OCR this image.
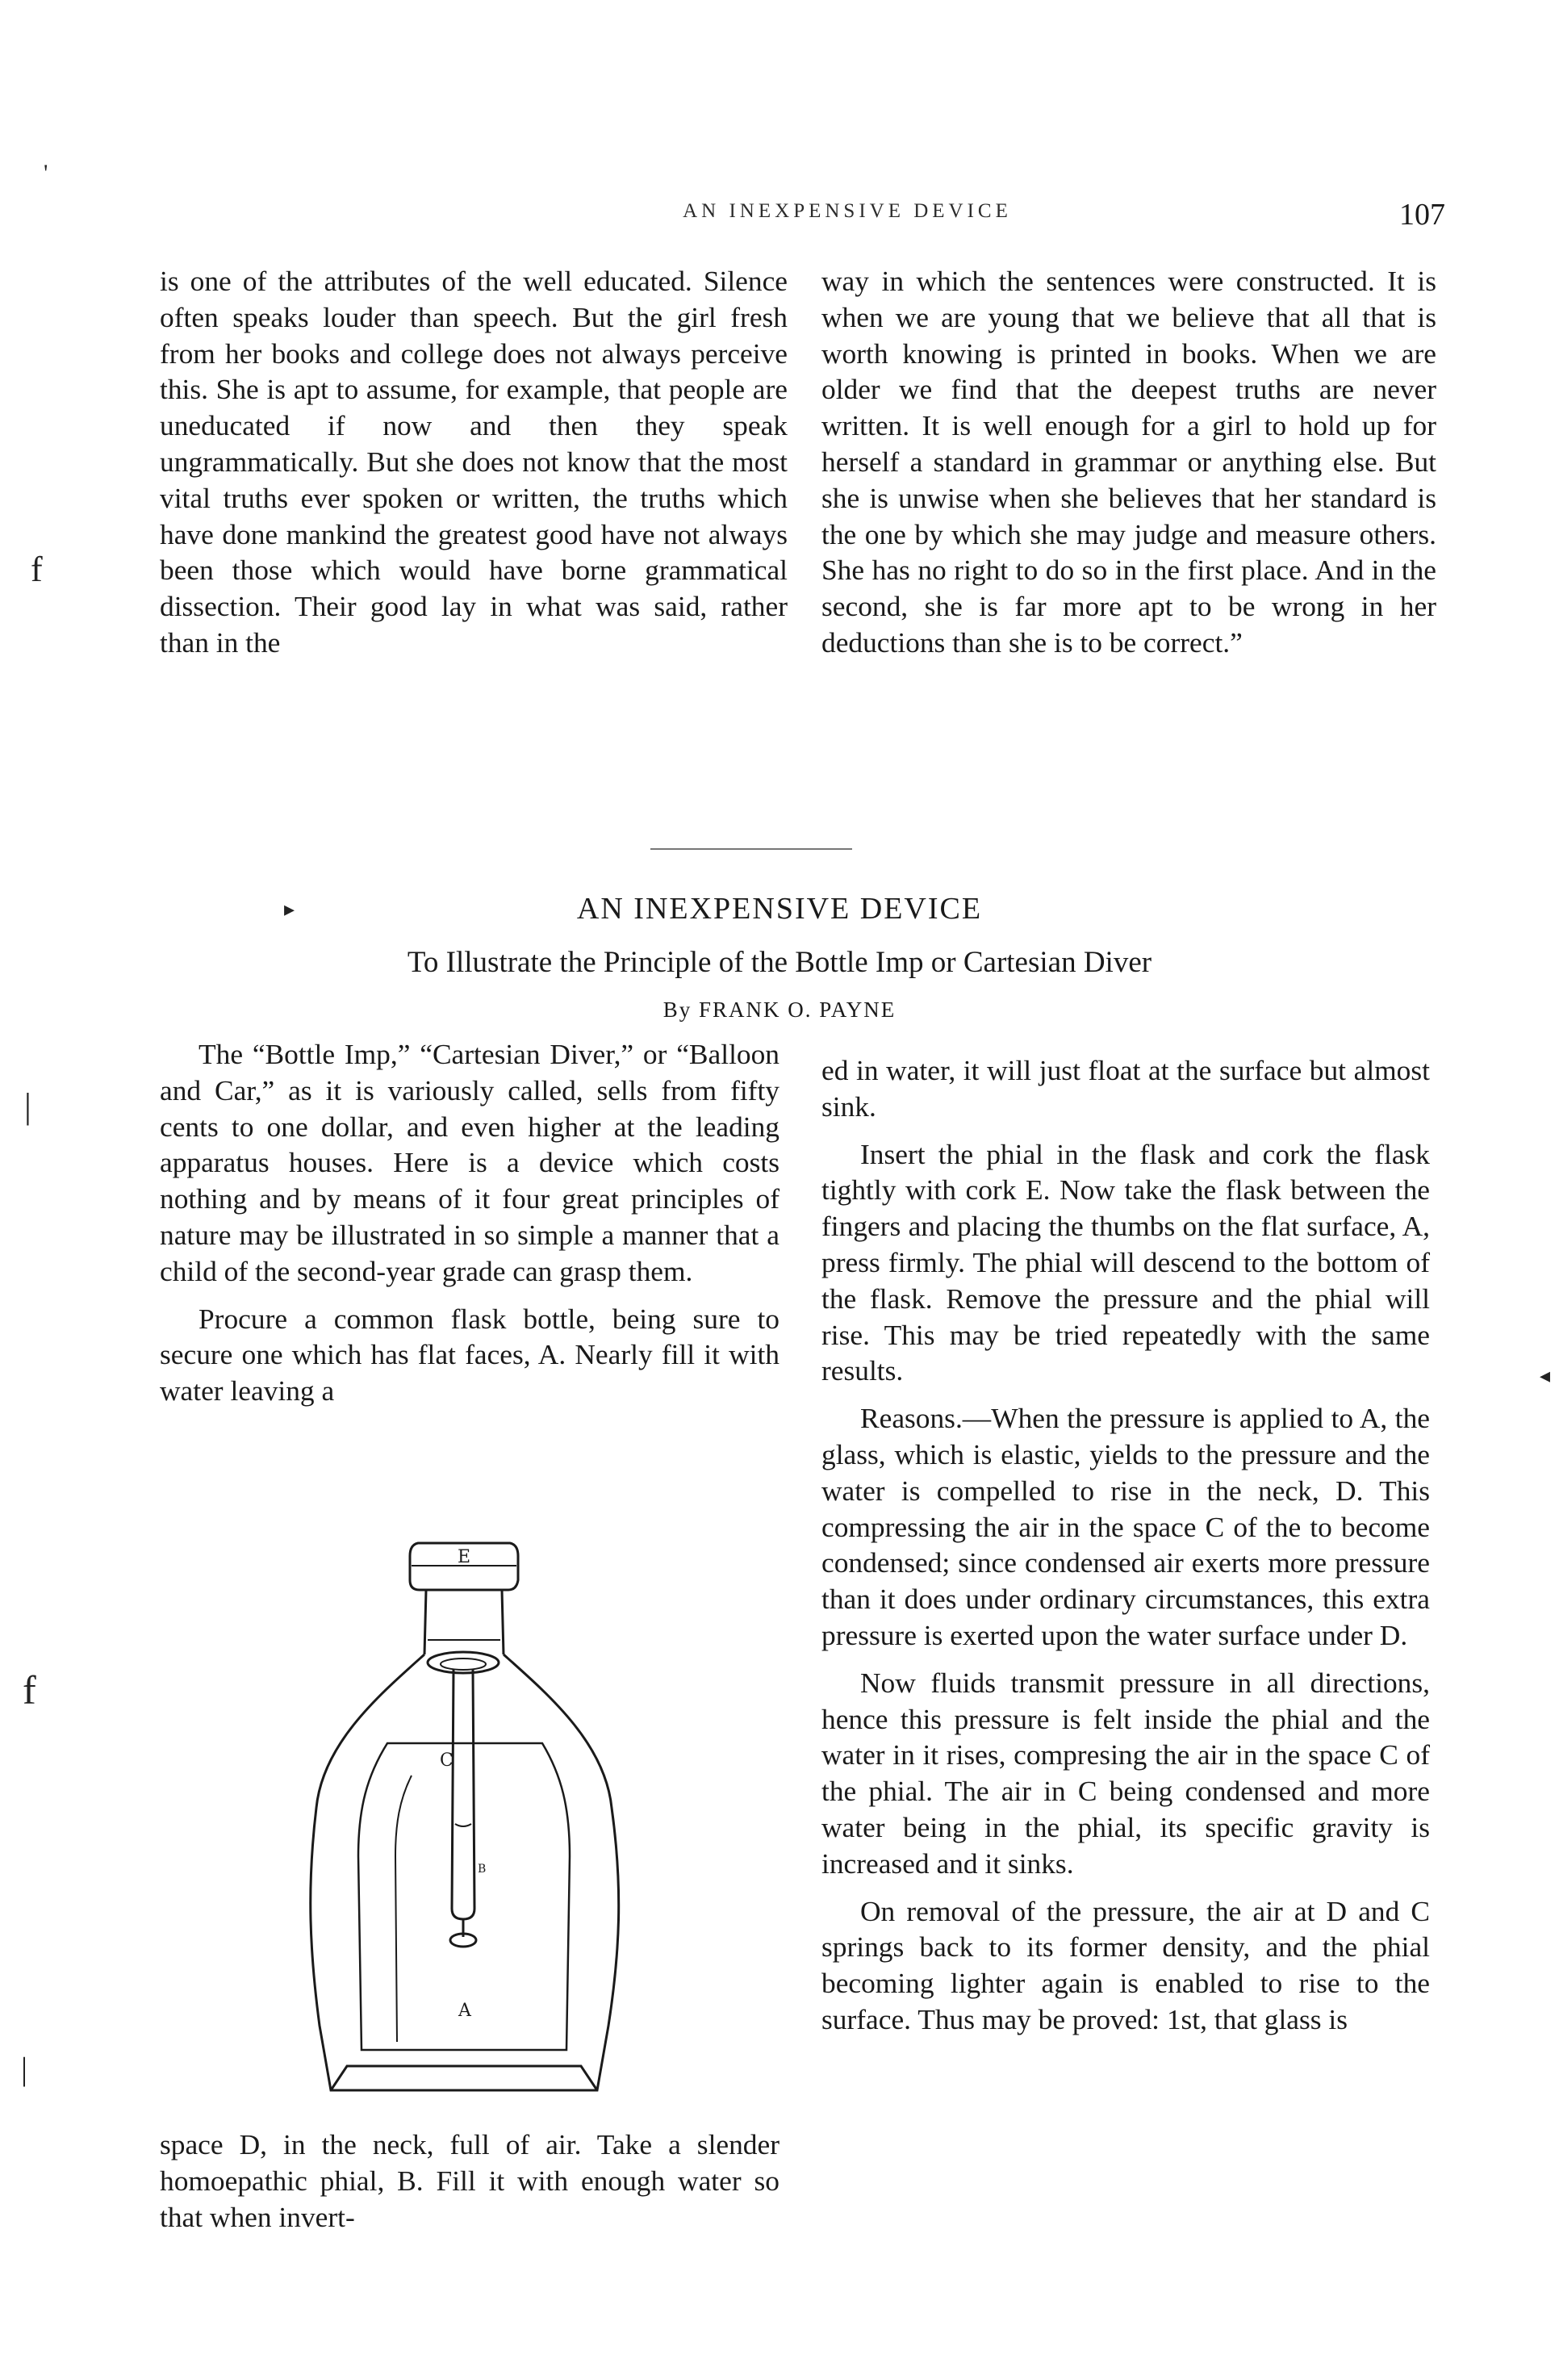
AN INEXPENSIVE DEVICE	107
'
f
|
f
|
▸
◂

is one of the attributes of the well educated. Silence often speaks louder than speech. But the girl fresh from her books and college does not always perceive this. She is apt to assume, for example, that people are uneducated if now and then they speak ungrammatically. But she does not know that the most vital truths ever spoken or written, the truths which have done mankind the greatest good have not always been those which would have borne grammatical dissection. Their good lay in what was said, rather than in the

way in which the sentences were constructed. It is when we are young that we believe that all that is worth knowing is printed in books. When we are older we find that the deepest truths are never written. It is well enough for a girl to hold up for herself a standard in grammar or anything else. But she is unwise when she believes that her standard is the one by which she may judge and measure others. She has no right to do so in the first place. And in the second, she is far more apt to be wrong in her deductions than she is to be correct.”

AN INEXPENSIVE DEVICE
To Illustrate the Principle of the Bottle Imp or Cartesian Diver
By FRANK O. PAYNE

The “Bottle Imp,” “Cartesian Diver,” or “Balloon and Car,” as it is variously called, sells from fifty cents to one dollar, and even higher at the leading apparatus houses. Here is a device which costs nothing and by means of it four great principles of nature may be illustrated in so simple a manner that a child of the second-year grade can grasp them.

Procure a common flask bottle, being sure to secure one which has flat faces, A. Nearly fill it with water leaving a

E
C
A
B

space D, in the neck, full of air. Take a slender homoepathic phial, B. Fill it with enough water so that when invert-

ed in water, it will just float at the surface but almost sink.

Insert the phial in the flask and cork the flask tightly with cork E. Now take the flask between the fingers and placing the thumbs on the flat surface, A, press firmly. The phial will descend to the bottom of the flask. Remove the pressure and the phial will rise. This may be tried repeatedly with the same results.

Reasons.—When the pressure is applied to A, the glass, which is elastic, yields to the pressure and the water is compelled to rise in the neck, D. This compressing the air in the space C of the to become condensed; since condensed air exerts more pressure than it does under ordinary circumstances, this extra pressure is exerted upon the water surface under D.

Now fluids transmit pressure in all directions, hence this pressure is felt inside the phial and the water in it rises, compresing the air in the space C of the phial. The air in C being condensed and more water being in the phial, its specific gravity is increased and it sinks.

On removal of the pressure, the air at D and C springs back to its former density, and the phial becoming lighter again is enabled to rise to the surface. Thus may be proved: 1st, that glass is
